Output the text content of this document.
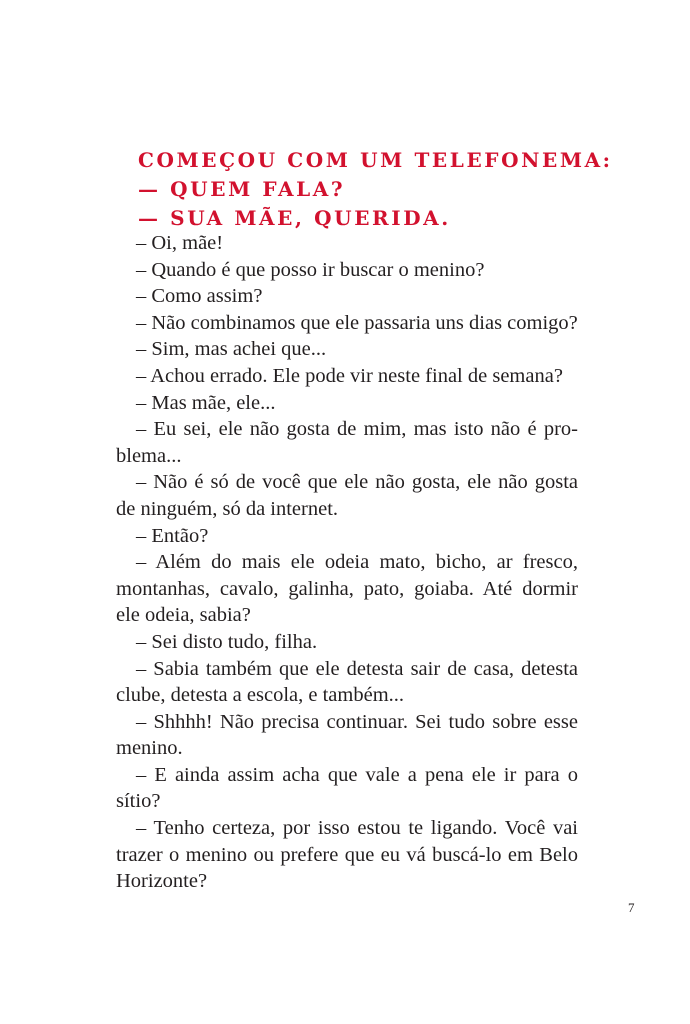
COMEÇOU COM UM TELEFONEMA:
— QUEM FALA?
— SUA MÃE, QUERIDA.

– Oi, mãe!

– Quando é que posso ir buscar o menino?

– Como assim?

– Não combinamos que ele passaria uns dias comigo?

– Sim, mas achei que...

– Achou errado. Ele pode vir neste final de semana?

– Mas mãe, ele...

– Eu sei, ele não gosta de mim, mas isto não é problema...

– Não é só de você que ele não gosta, ele não gosta de ninguém, só da internet.

– Então?

– Além do mais ele odeia mato, bicho, ar fresco, montanhas, cavalo, galinha, pato, goiaba. Até dormir ele odeia, sabia?

– Sei disto tudo, filha.

– Sabia também que ele detesta sair de casa, detesta clube, detesta a escola, e também...

– Shhhh! Não precisa continuar. Sei tudo sobre esse menino.

– E ainda assim acha que vale a pena ele ir para o sítio?

– Tenho certeza, por isso estou te ligando. Você vai trazer o menino ou prefere que eu vá buscá-lo em Belo Horizonte?

7
